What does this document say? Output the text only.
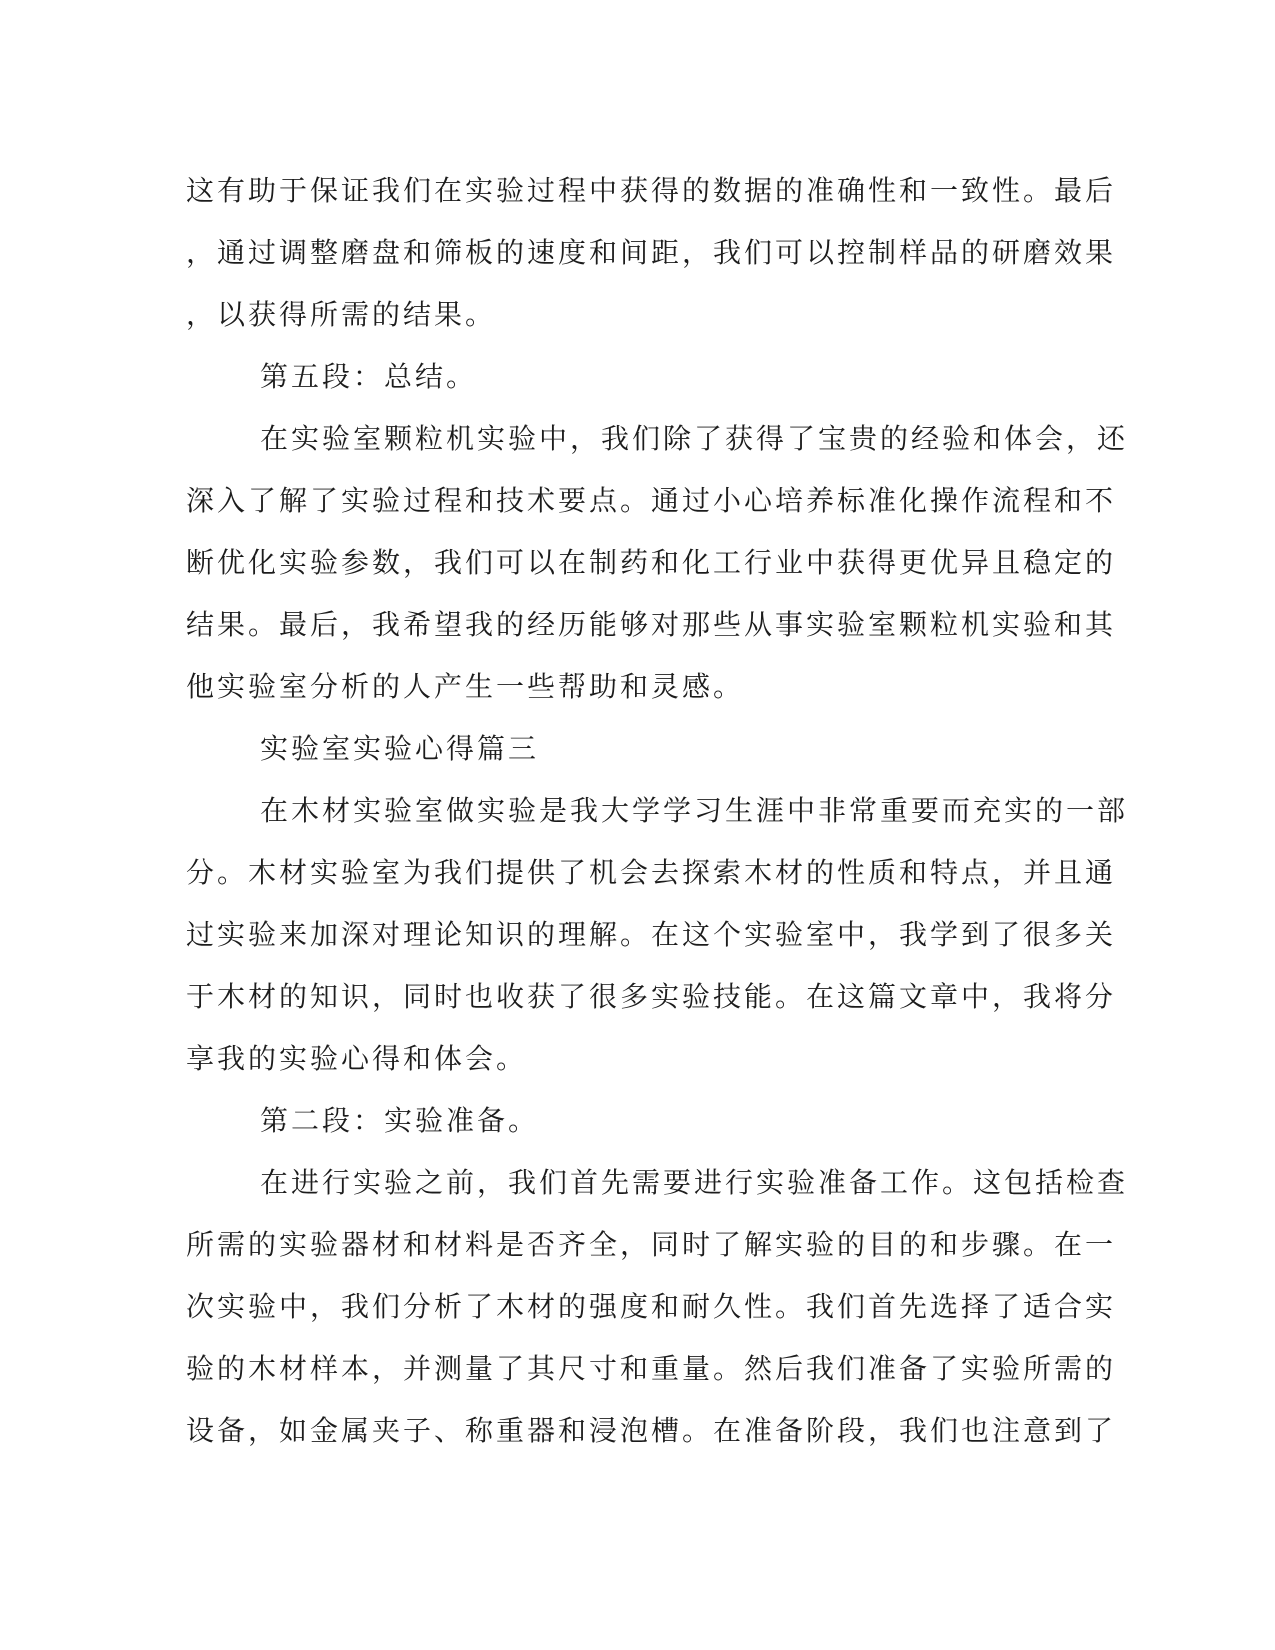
这有助于保证我们在实验过程中获得的数据的准确性和一致性。最后
，通过调整磨盘和筛板的速度和间距，我们可以控制样品的研磨效果
，以获得所需的结果。
第五段：总结。
在实验室颗粒机实验中，我们除了获得了宝贵的经验和体会，还
深入了解了实验过程和技术要点。通过小心培养标准化操作流程和不
断优化实验参数，我们可以在制药和化工行业中获得更优异且稳定的
结果。最后，我希望我的经历能够对那些从事实验室颗粒机实验和其
他实验室分析的人产生一些帮助和灵感。
实验室实验心得篇三
在木材实验室做实验是我大学学习生涯中非常重要而充实的一部
分。木材实验室为我们提供了机会去探索木材的性质和特点，并且通
过实验来加深对理论知识的理解。在这个实验室中，我学到了很多关
于木材的知识，同时也收获了很多实验技能。在这篇文章中，我将分
享我的实验心得和体会。
第二段：实验准备。
在进行实验之前，我们首先需要进行实验准备工作。这包括检查
所需的实验器材和材料是否齐全，同时了解实验的目的和步骤。在一
次实验中，我们分析了木材的强度和耐久性。我们首先选择了适合实
验的木材样本，并测量了其尺寸和重量。然后我们准备了实验所需的
设备，如金属夹子、称重器和浸泡槽。在准备阶段，我们也注意到了
